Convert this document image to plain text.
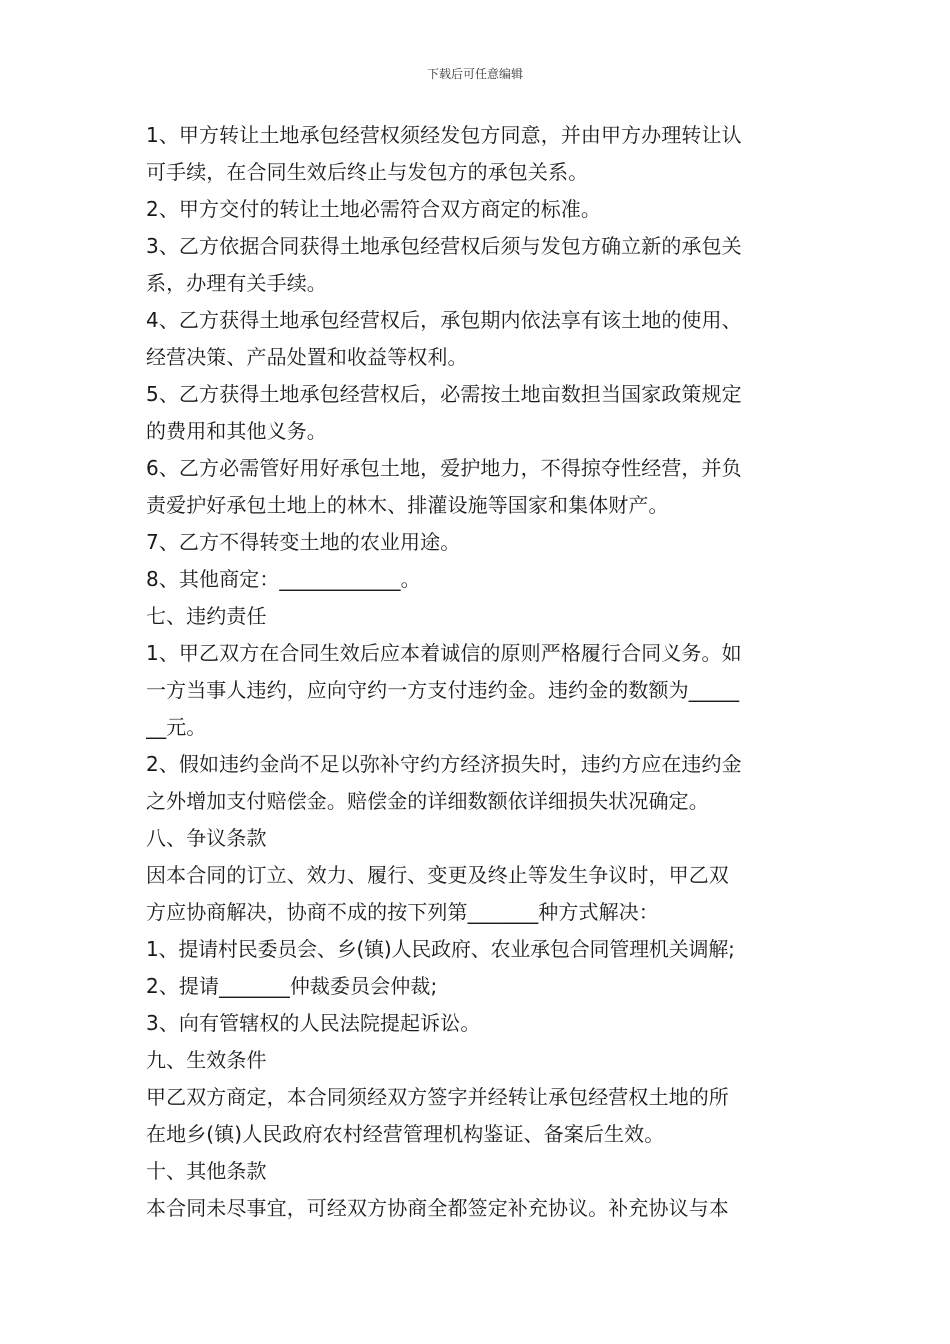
下载后可任意编辑
1、甲方转让土地承包经营权须经发包方同意，并由甲方办理转让认
可手续，在合同生效后终止与发包方的承包关系。
2、甲方交付的转让土地必需符合双方商定的标准。
3、乙方依据合同获得土地承包经营权后须与发包方确立新的承包关
系，办理有关手续。
4、乙方获得土地承包经营权后，承包期内依法享有该土地的使用、
经营决策、产品处置和收益等权利。
5、乙方获得土地承包经营权后，必需按土地亩数担当国家政策规定
的费用和其他义务。
6、乙方必需管好用好承包土地，爱护地力，不得掠夺性经营，并负
责爱护好承包土地上的林木、排灌设施等国家和集体财产。
7、乙方不得转变土地的农业用途。
8、其他商定：____________。
七、违约责任
1、甲乙双方在合同生效后应本着诚信的原则严格履行合同义务。如
一方当事人违约，应向守约一方支付违约金。违约金的数额为_____
__元。
2、假如违约金尚不足以弥补守约方经济损失时，违约方应在违约金
之外增加支付赔偿金。赔偿金的详细数额依详细损失状况确定。
八、争议条款
因本合同的订立、效力、履行、变更及终止等发生争议时，甲乙双
方应协商解决，协商不成的按下列第_______种方式解决：
1、提请村民委员会、乡(镇)人民政府、农业承包合同管理机关调解;
2、提请_______仲裁委员会仲裁;
3、向有管辖权的人民法院提起诉讼。
九、生效条件
甲乙双方商定，本合同须经双方签字并经转让承包经营权土地的所
在地乡(镇)人民政府农村经营管理机构鉴证、备案后生效。
十、其他条款
本合同未尽事宜，可经双方协商全都签定补充协议。补充协议与本
